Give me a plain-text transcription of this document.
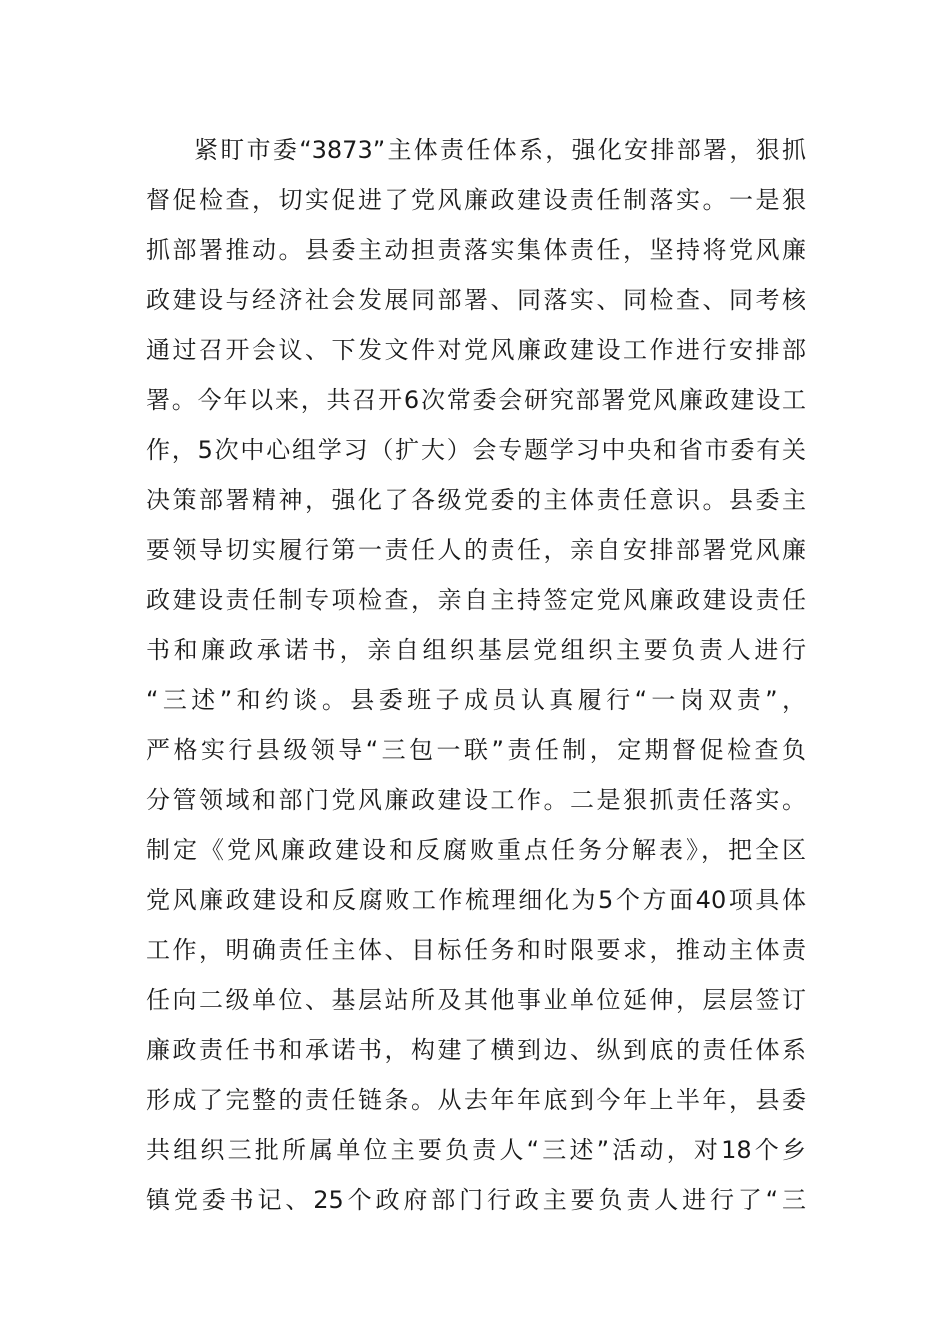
紧盯市委“3873”主体责任体系，强化安排部署，狠抓
督促检查，切实促进了党风廉政建设责任制落实。一是狠
抓部署推动。县委主动担责落实集体责任，坚持将党风廉
政建设与经济社会发展同部署、同落实、同检查、同考核
通过召开会议、下发文件对党风廉政建设工作进行安排部
署。今年以来，共召开6次常委会研究部署党风廉政建设工
作，5次中心组学习（扩大）会专题学习中央和省市委有关
决策部署精神，强化了各级党委的主体责任意识。县委主
要领导切实履行第一责任人的责任，亲自安排部署党风廉
政建设责任制专项检查，亲自主持签定党风廉政建设责任
书和廉政承诺书，亲自组织基层党组织主要负责人进行
“三述”和约谈。县委班子成员认真履行“一岗双责”，
严格实行县级领导“三包一联”责任制，定期督促检查负
分管领域和部门党风廉政建设工作。二是狠抓责任落实。
制定《党风廉政建设和反腐败重点任务分解表》，把全区
党风廉政建设和反腐败工作梳理细化为5个方面40项具体
工作，明确责任主体、目标任务和时限要求，推动主体责
任向二级单位、基层站所及其他事业单位延伸，层层签订
廉政责任书和承诺书，构建了横到边、纵到底的责任体系
形成了完整的责任链条。从去年年底到今年上半年，县委
共组织三批所属单位主要负责人“三述”活动，对18个乡
镇党委书记、25个政府部门行政主要负责人进行了“三
